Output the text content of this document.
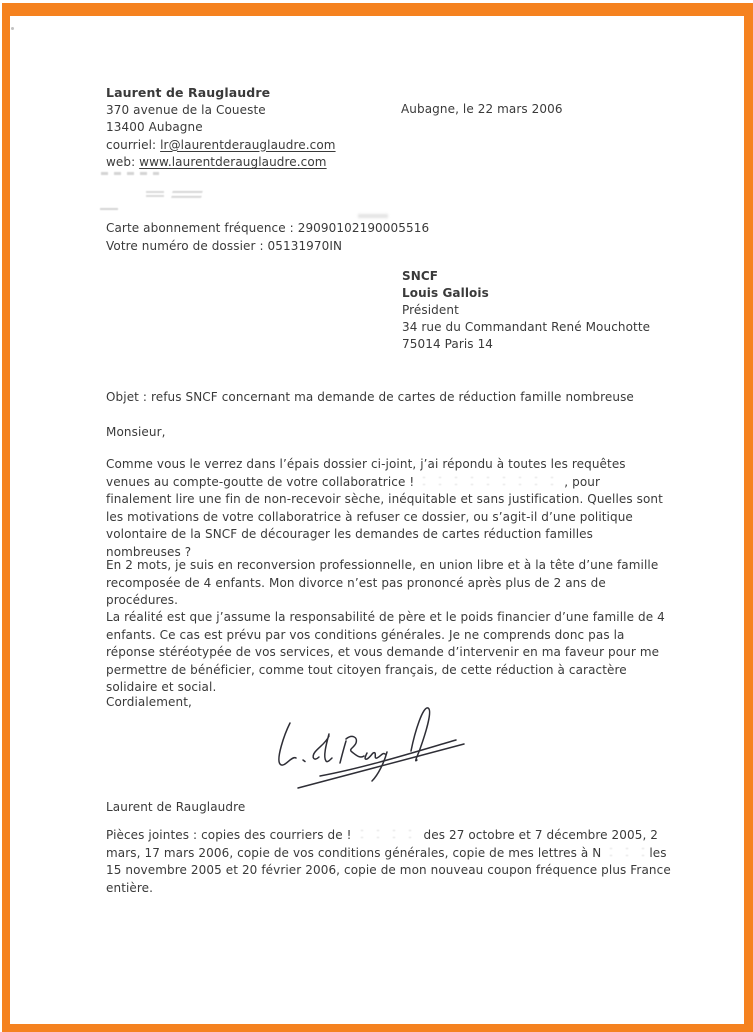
Laurent de Rauglaudre
370 avenue de la Coueste
13400 Aubagne
courriel: lr@laurentderauglaudre.com
web: www.laurentderauglaudre.com
Aubagne, le 22 mars 2006
Carte abonnement fréquence : 29090102190005516
Votre numéro de dossier : 05131970IN
SNCF
Louis Gallois
Président
34 rue du Commandant René Mouchotte
75014 Paris 14
Objet : refus SNCF concernant ma demande de cartes de réduction famille nombreuse
Monsieur,
Comme vous le verrez dans l’épais dossier ci-joint, j’ai répondu à toutes les requêtes venues au compte-goutte de votre collaboratrice !	, pour finalement lire une fin de non-recevoir sèche, inéquitable et sans justification. Quelles sont les motivations de votre collaboratrice à refuser ce dossier, ou s’agit-il d’une politique volontaire de la SNCF de décourager les demandes de cartes réduction familles nombreuses ?
En 2 mots, je suis en reconversion professionnelle, en union libre et à la tête d’une famille recomposée de 4 enfants. Mon divorce n’est pas prononcé après plus de 2 ans de procédures.
La réalité est que j’assume la responsabilité de père et le poids financier d’une famille de 4 enfants. Ce cas est prévu par vos conditions générales. Je ne comprends donc pas la réponse stéréotypée de vos services, et vous demande d’intervenir en ma faveur pour me permettre de bénéficier, comme tout citoyen français, de cette réduction à caractère solidaire et social.
Cordialement,
Laurent de Rauglaudre
Pièces jointes : copies des courriers de !	des 27 octobre et 7 décembre 2005, 2 mars, 17 mars 2006, copie de vos conditions générales, copie de mes lettres à N	les 15 novembre 2005 et 20 février 2006, copie de mon nouveau coupon fréquence plus France entière.
